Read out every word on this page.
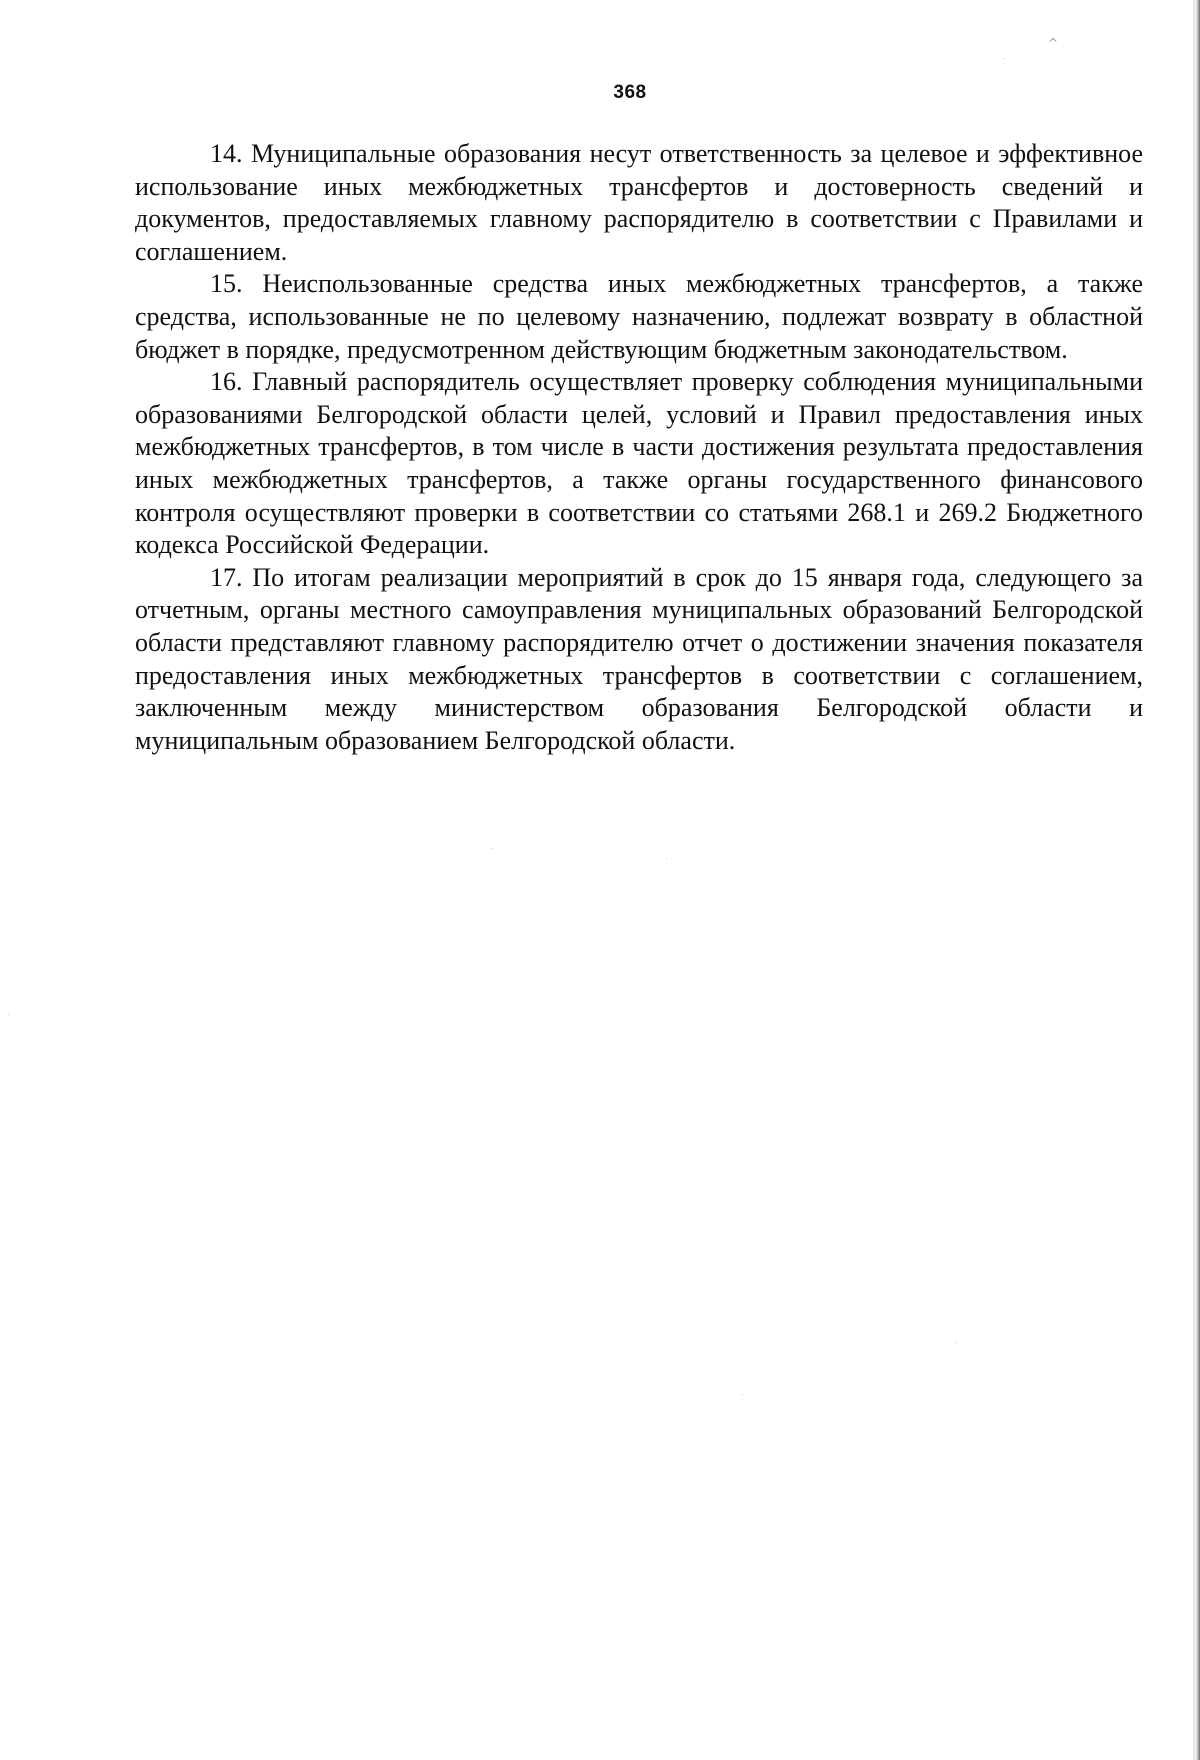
^
368

14. Муниципальные образования несут ответственность за целевое и эффективное использование иных межбюджетных трансфертов и достоверность сведений и документов, предоставляемых главному распорядителю в соответствии с Правилами и соглашением.

15. Неиспользованные средства иных межбюджетных трансфертов, а также средства, использованные не по целевому назначению, подлежат возврату в областной бюджет в порядке, предусмотренном действующим бюджетным законодательством.

16. Главный распорядитель осуществляет проверку соблюдения муниципальными образованиями Белгородской области целей, условий и Правил предоставления иных межбюджетных трансфертов, в том числе в части достижения результата предоставления иных межбюджетных трансфертов, а также органы государственного финансового контроля осуществляют проверки в соответствии со статьями 268.1 и 269.2 Бюджетного кодекса Российской Федерации.

17. По итогам реализации мероприятий в срок до 15 января года, следующего за отчетным, органы местного самоуправления муниципальных образований Белгородской области представляют главному распорядителю отчет о достижении значения показателя предоставления иных межбюджетных трансфертов в соответствии с соглашением, заключенным между министерством образования Белгородской области и муниципальным образованием Белгородской области.
